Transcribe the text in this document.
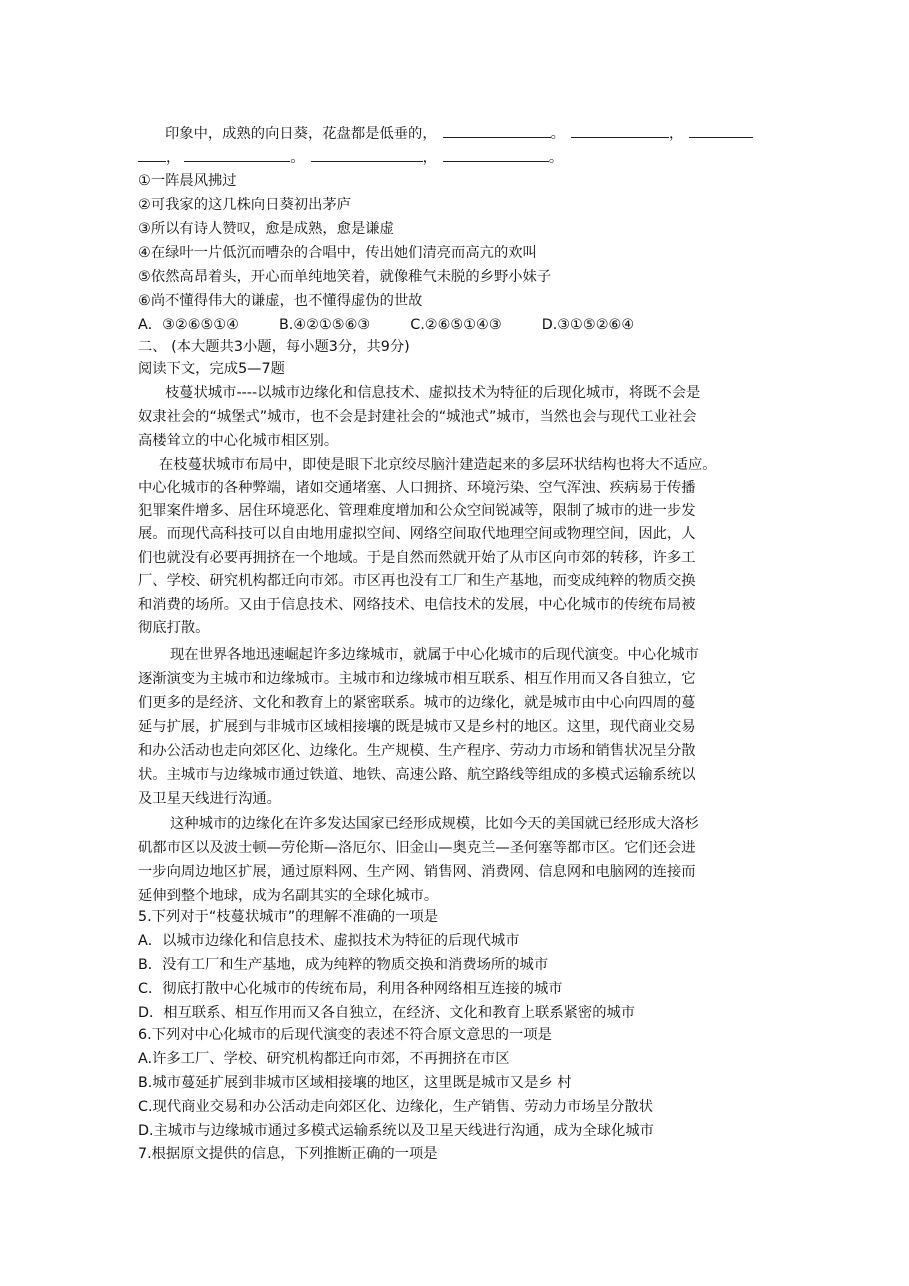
印象中，成熟的向日葵，花盘都是低垂的，	。	，
，	。	，	。
①一阵晨风拂过
②可我家的这几株向日葵初出茅庐
③所以有诗人赞叹，愈是成熟，愈是谦虚
④在绿叶一片低沉而嘈杂的合唱中，传出她们清亮而高亢的欢叫
⑤依然高昂着头，开心而单纯地笑着，就像稚气未脱的乡野小妹子
⑥尚不懂得伟大的谦虚，也不懂得虚伪的世故
A．③②⑥⑤①④	B.④②①⑤⑥③	C.②⑥⑤①④③	D.③①⑤②⑥④
二、 (本大题共3小题，每小题3分，共9分)
阅读下文，完成5—7题
枝蔓状城市----以城市边缘化和信息技术、虚拟技术为特征的后现化城市，将既不会是
奴隶社会的“城堡式”城市，也不会是封建社会的“城池式”城市，当然也会与现代工业社会
高楼耸立的中心化城市相区别。
在枝蔓状城市布局中，即使是眼下北京绞尽脑汁建造起来的多层环状结构也将大不适应。
中心化城市的各种弊端，诸如交通堵塞、人口拥挤、环境污染、空气浑浊、疾病易于传播
犯罪案件增多、居住环境恶化、管理难度增加和公众空间锐减等，限制了城市的进一步发
展。而现代高科技可以自由地用虚拟空间、网络空间取代地理空间或物理空间，因此，人
们也就没有必要再拥挤在一个地域。于是自然而然就开始了从市区向市郊的转移，许多工
厂、学校、研究机构都迁向市郊。市区再也没有工厂和生产基地，而变成纯粹的物质交换
和消费的场所。又由于信息技术、网络技术、电信技术的发展，中心化城市的传统布局被
彻底打散。
现在世界各地迅速崛起许多边缘城市，就属于中心化城市的后现代演变。中心化城市
逐渐演变为主城市和边缘城市。主城市和边缘城市相互联系、相互作用而又各自独立，它
们更多的是经济、文化和教育上的紧密联系。城市的边缘化，就是城市由中心向四周的蔓
延与扩展，扩展到与非城市区域相接壤的既是城市又是乡村的地区。这里，现代商业交易
和办公活动也走向郊区化、边缘化。生产规模、生产程序、劳动力市场和销售状况呈分散
状。主城市与边缘城市通过铁道、地铁、高速公路、航空路线等组成的多模式运输系统以
及卫星天线进行沟通。
这种城市的边缘化在许多发达国家已经形成规模，比如今天的美国就已经形成大洛杉
矶都市区以及波士顿—劳伦斯—洛厄尔、旧金山—奥克兰—圣何塞等都市区。它们还会进
一步向周边地区扩展，通过原料网、生产网、销售网、消费网、信息网和电脑网的连接而
延伸到整个地球，成为名副其实的全球化城市。
5.下列对于“枝蔓状城市”的理解不准确的一项是
A．以城市边缘化和信息技术、虚拟技术为特征的后现代城市
B．没有工厂和生产基地，成为纯粹的物质交换和消费场所的城市
C．彻底打散中心化城市的传统布局，利用各种网络相互连接的城市
D．相互联系、相互作用而又各自独立，在经济、文化和教育上联系紧密的城市
6.下列对中心化城市的后现代演变的表述不符合原文意思的一项是
A.许多工厂、学校、研究机构都迁向市郊，不再拥挤在市区
B.城市蔓延扩展到非城市区域相接壤的地区，这里既是城市又是乡 村
C.现代商业交易和办公活动走向郊区化、边缘化，生产销售、劳动力市场呈分散状
D.主城市与边缘城市通过多模式运输系统以及卫星天线进行沟通，成为全球化城市
7.根据原文提供的信息，下列推断正确的一项是
